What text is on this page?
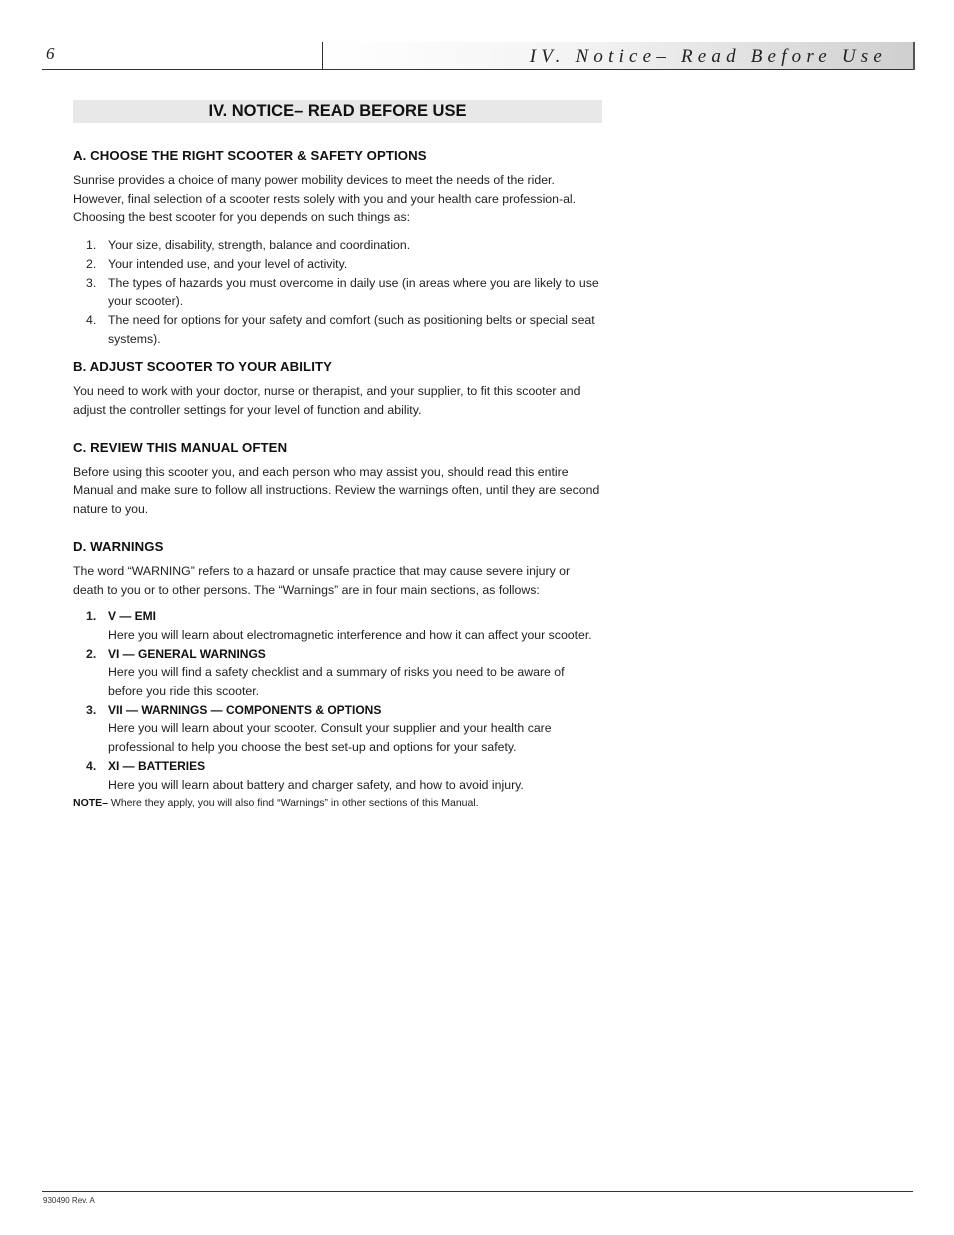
6	IV. Notice– Read Before Use
IV. NOTICE– READ BEFORE USE
A. CHOOSE THE RIGHT SCOOTER & SAFETY OPTIONS

Sunrise provides a choice of many power mobility devices to meet the needs of the rider. However, final selection of a scooter rests solely with you and your health care profession-al. Choosing the best scooter for you depends on such things as:

1. Your size, disability, strength, balance and coordination.
2. Your intended use, and your level of activity.
3. The types of hazards you must overcome in daily use (in areas where you are likely to use your scooter).
4. The need for options for your safety and comfort (such as positioning belts or special seat systems).
B. ADJUST SCOOTER TO YOUR ABILITY

You need to work with your doctor, nurse or therapist, and your supplier, to fit this scooter and adjust the controller settings for your level of function and ability.

C. REVIEW THIS MANUAL OFTEN

Before using this scooter you, and each person who may assist you, should read this entire Manual and make sure to follow all instructions. Review the warnings often, until they are second nature to you.

D. WARNINGS

The word “WARNING” refers to a hazard or unsafe practice that may cause severe injury or death to you or to other persons. The “Warnings” are in four main sections, as follows:

1. V — EMI
Here you will learn about electromagnetic interference and how it can affect your scooter.
2. VI — GENERAL WARNINGS
Here you will find a safety checklist and a summary of risks you need to be aware of before you ride this scooter.
3. VII — WARNINGS — COMPONENTS & OPTIONS
Here you will learn about your scooter. Consult your supplier and your health care professional to help you choose the best set-up and options for your safety.
4. XI — BATTERIES
Here you will learn about battery and charger safety, and how to avoid injury.
NOTE– Where they apply, you will also find “Warnings” in other sections of this Manual.
930490 Rev. A
